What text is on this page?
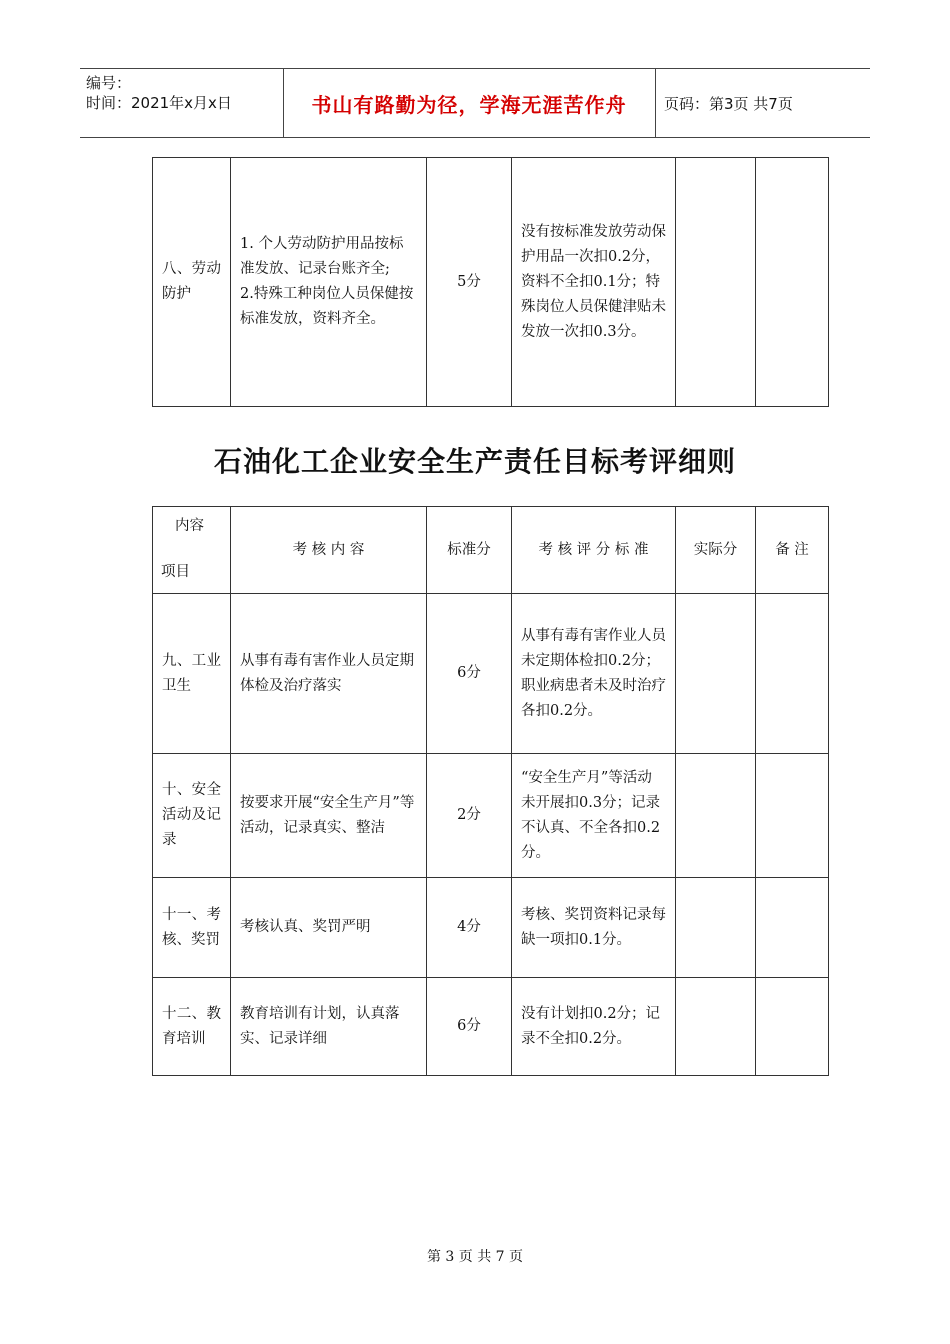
编号：
时间：2021年x月x日	书山有路勤为径，学海无涯苦作舟	页码：第3页 共7页
八、劳动防护	1. 个人劳动防护用品按标准发放、记录台账齐全;
2.特殊工种岗位人员保健按标准发放，资料齐全。	5分	没有按标准发放劳动保护用品一次扣0.2分，资料不全扣0.1分；特殊岗位人员保健津贴未发放一次扣0.3分。		
石油化工企业安全生产责任目标考评细则
内容
项目	考 核 内 容	标准分	考 核 评 分 标 准	实际分	备 注
九、工业卫生	从事有毒有害作业人员定期体检及治疗落实	6分	从事有毒有害作业人员未定期体检扣0.2分；职业病患者未及时治疗各扣0.2分。		
十、安全活动及记录	按要求开展“安全生产月”等活动，记录真实、整洁	2分	“安全生产月”等活动未开展扣0.3分；记录不认真、不全各扣0.2分。		
十一、考核、奖罚	考核认真、奖罚严明	4分	考核、奖罚资料记录每缺一项扣0.1分。		
十二、教育培训	教育培训有计划，认真落实、记录详细	6分	没有计划扣0.2分；记录不全扣0.2分。		
第 3 页 共 7 页
